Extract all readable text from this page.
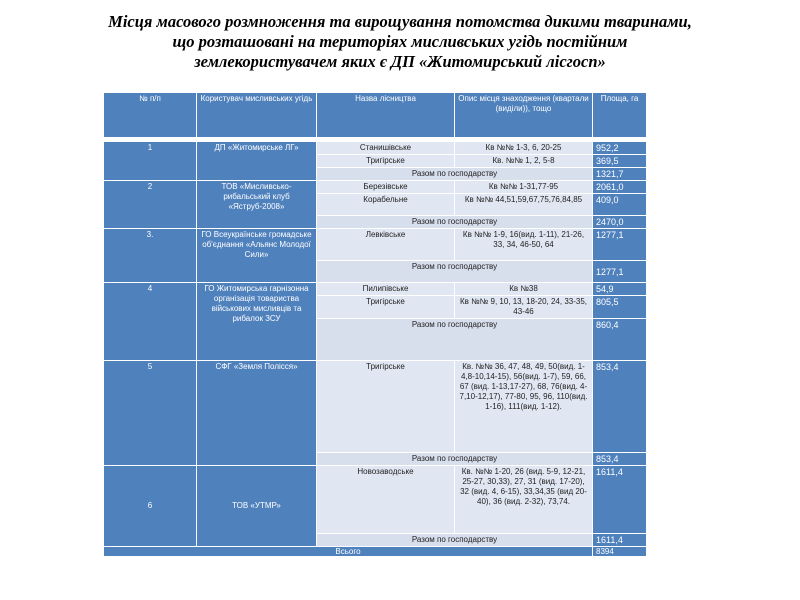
Місця масового розмноження та вирощування потомства дикими тваринами,
що розташовані на територіях мисливських угідь постійним
землекористувачем яких є ДП «Житомирський лісгосп»
№ п/п	Користувач мисливських угідь	Назва лісництва	Опис місця знаходження (квартали (виділи)), тощо	Площа, га

1	ДП «Житомирське ЛГ»	Станишівське	Кв №№ 1-3, 6, 20-25	952,2
		Тригірське	Кв. №№ 1, 2, 5-8	369,5
		Разом по господарству		1321,7
2	ТОВ «Мисливсько-рибальський клуб «Яструб-2008»	Березівське	Кв №№ 1-31,77-95	2061,0
		Корабельне	Кв №№ 44,51,59,67,75,76,84,85	409,0
		Разом по господарству		2470,0
3.	ГО Всеукраїнське громадське об'єднання «Альянс Молодої Сили»	Левківське	Кв №№ 1-9, 16(вид. 1-11), 21-26, 33, 34, 46-50, 64	1277,1
		Разом по господарству		1277,1
4	ГО Житомирська гарнізонна організація товариства військових мисливців та рибалок ЗСУ	Пилипівське	Кв №38	54,9
		Тригірське	Кв №№ 9, 10, 13, 18-20, 24, 33-35, 43-46	805,5
		Разом по господарству		860,4
5	СФГ «Земля Полісся»	Тригірське	Кв. №№ 36, 47, 48, 49, 50(вид. 1-4,8-10,14-15), 56(вид. 1-7), 59, 66, 67 (вид. 1-13,17-27), 68, 76(вид. 4-7,10-12,17), 77-80, 95, 96, 110(вид. 1-16), 111(вид. 1-12).	853,4
		Разом по господарству		853,4
6	ТОВ «УТМР»	Новозаводське	Кв. №№ 1-20, 26 (вид. 5-9, 12-21, 25-27, 30,33), 27, 31 (вид. 17-20), 32 (вид. 4, 6-15), 33,34,35 (вид 20-40), 36 (вид. 2-32), 73,74.	1611,4
		Разом по господарству		1611,4
Всього				8394
